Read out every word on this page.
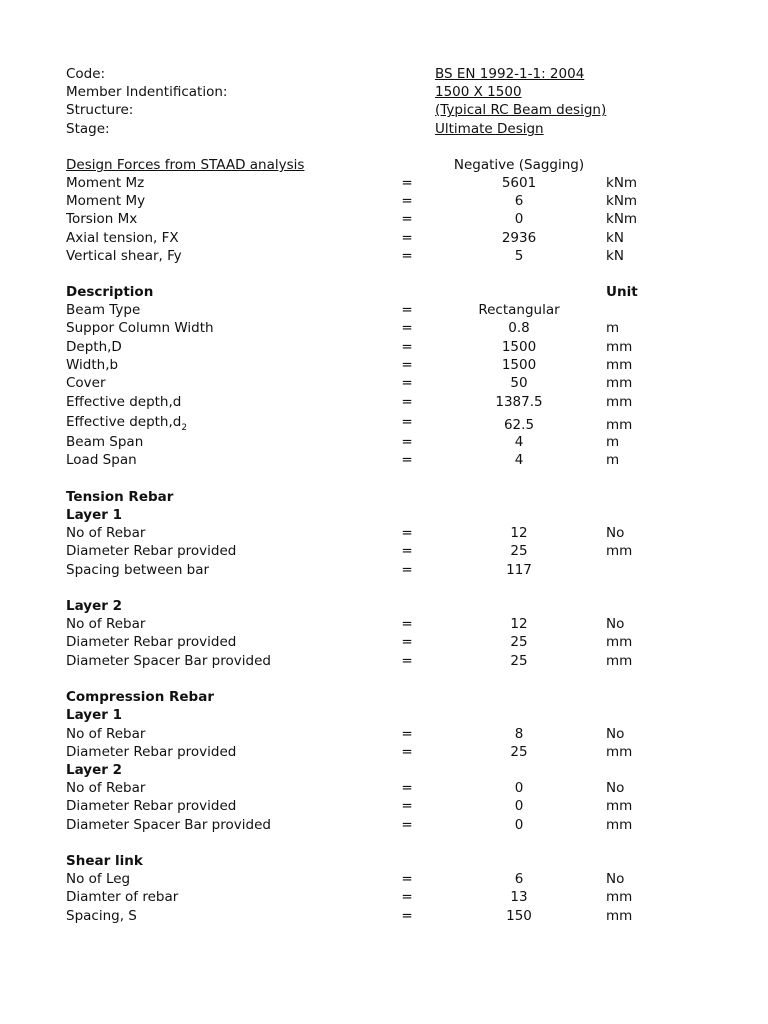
Code:	BS EN 1992-1-1: 2004
Member Indentification:	1500 X 1500
Structure:	(Typical RC Beam design)
Stage:	Ultimate Design
Design Forces from STAAD analysis	Negative (Sagging)
Moment Mz	=	5601	kNm
Moment My	=	6	kNm
Torsion Mx	=	0	kNm
Axial tension, FX	=	2936	kN
Vertical shear, Fy	=	5	kN
Description	Unit
Beam Type	=	Rectangular
Suppor Column Width	=	0.8	m
Depth,D	=	1500	mm
Width,b	=	1500	mm
Cover	=	50	mm
Effective depth,d	=	1387.5	mm
Effective $depth,d_2$	=	62.5	mm
Beam Span	=	4	m
Load Span	=	4	m
Tension Rebar
Layer 1
No of Rebar	=	12	No
Diameter Rebar provided	=	25	mm
Spacing between bar	=	117
Layer 2
No of Rebar	=	12	No
Diameter Rebar provided	=	25	mm
Diameter Spacer Bar provided	=	25	mm
Compression Rebar
Layer 1
No of Rebar	=	8	No
Diameter Rebar provided	=	25	mm
Layer 2
No of Rebar	=	0	No
Diameter Rebar provided	=	0	mm
Diameter Spacer Bar provided	=	0	mm
Shear link
No of Leg	=	6	No
Diamter of rebar	=	13	mm
Spacing, S	=	150	mm
